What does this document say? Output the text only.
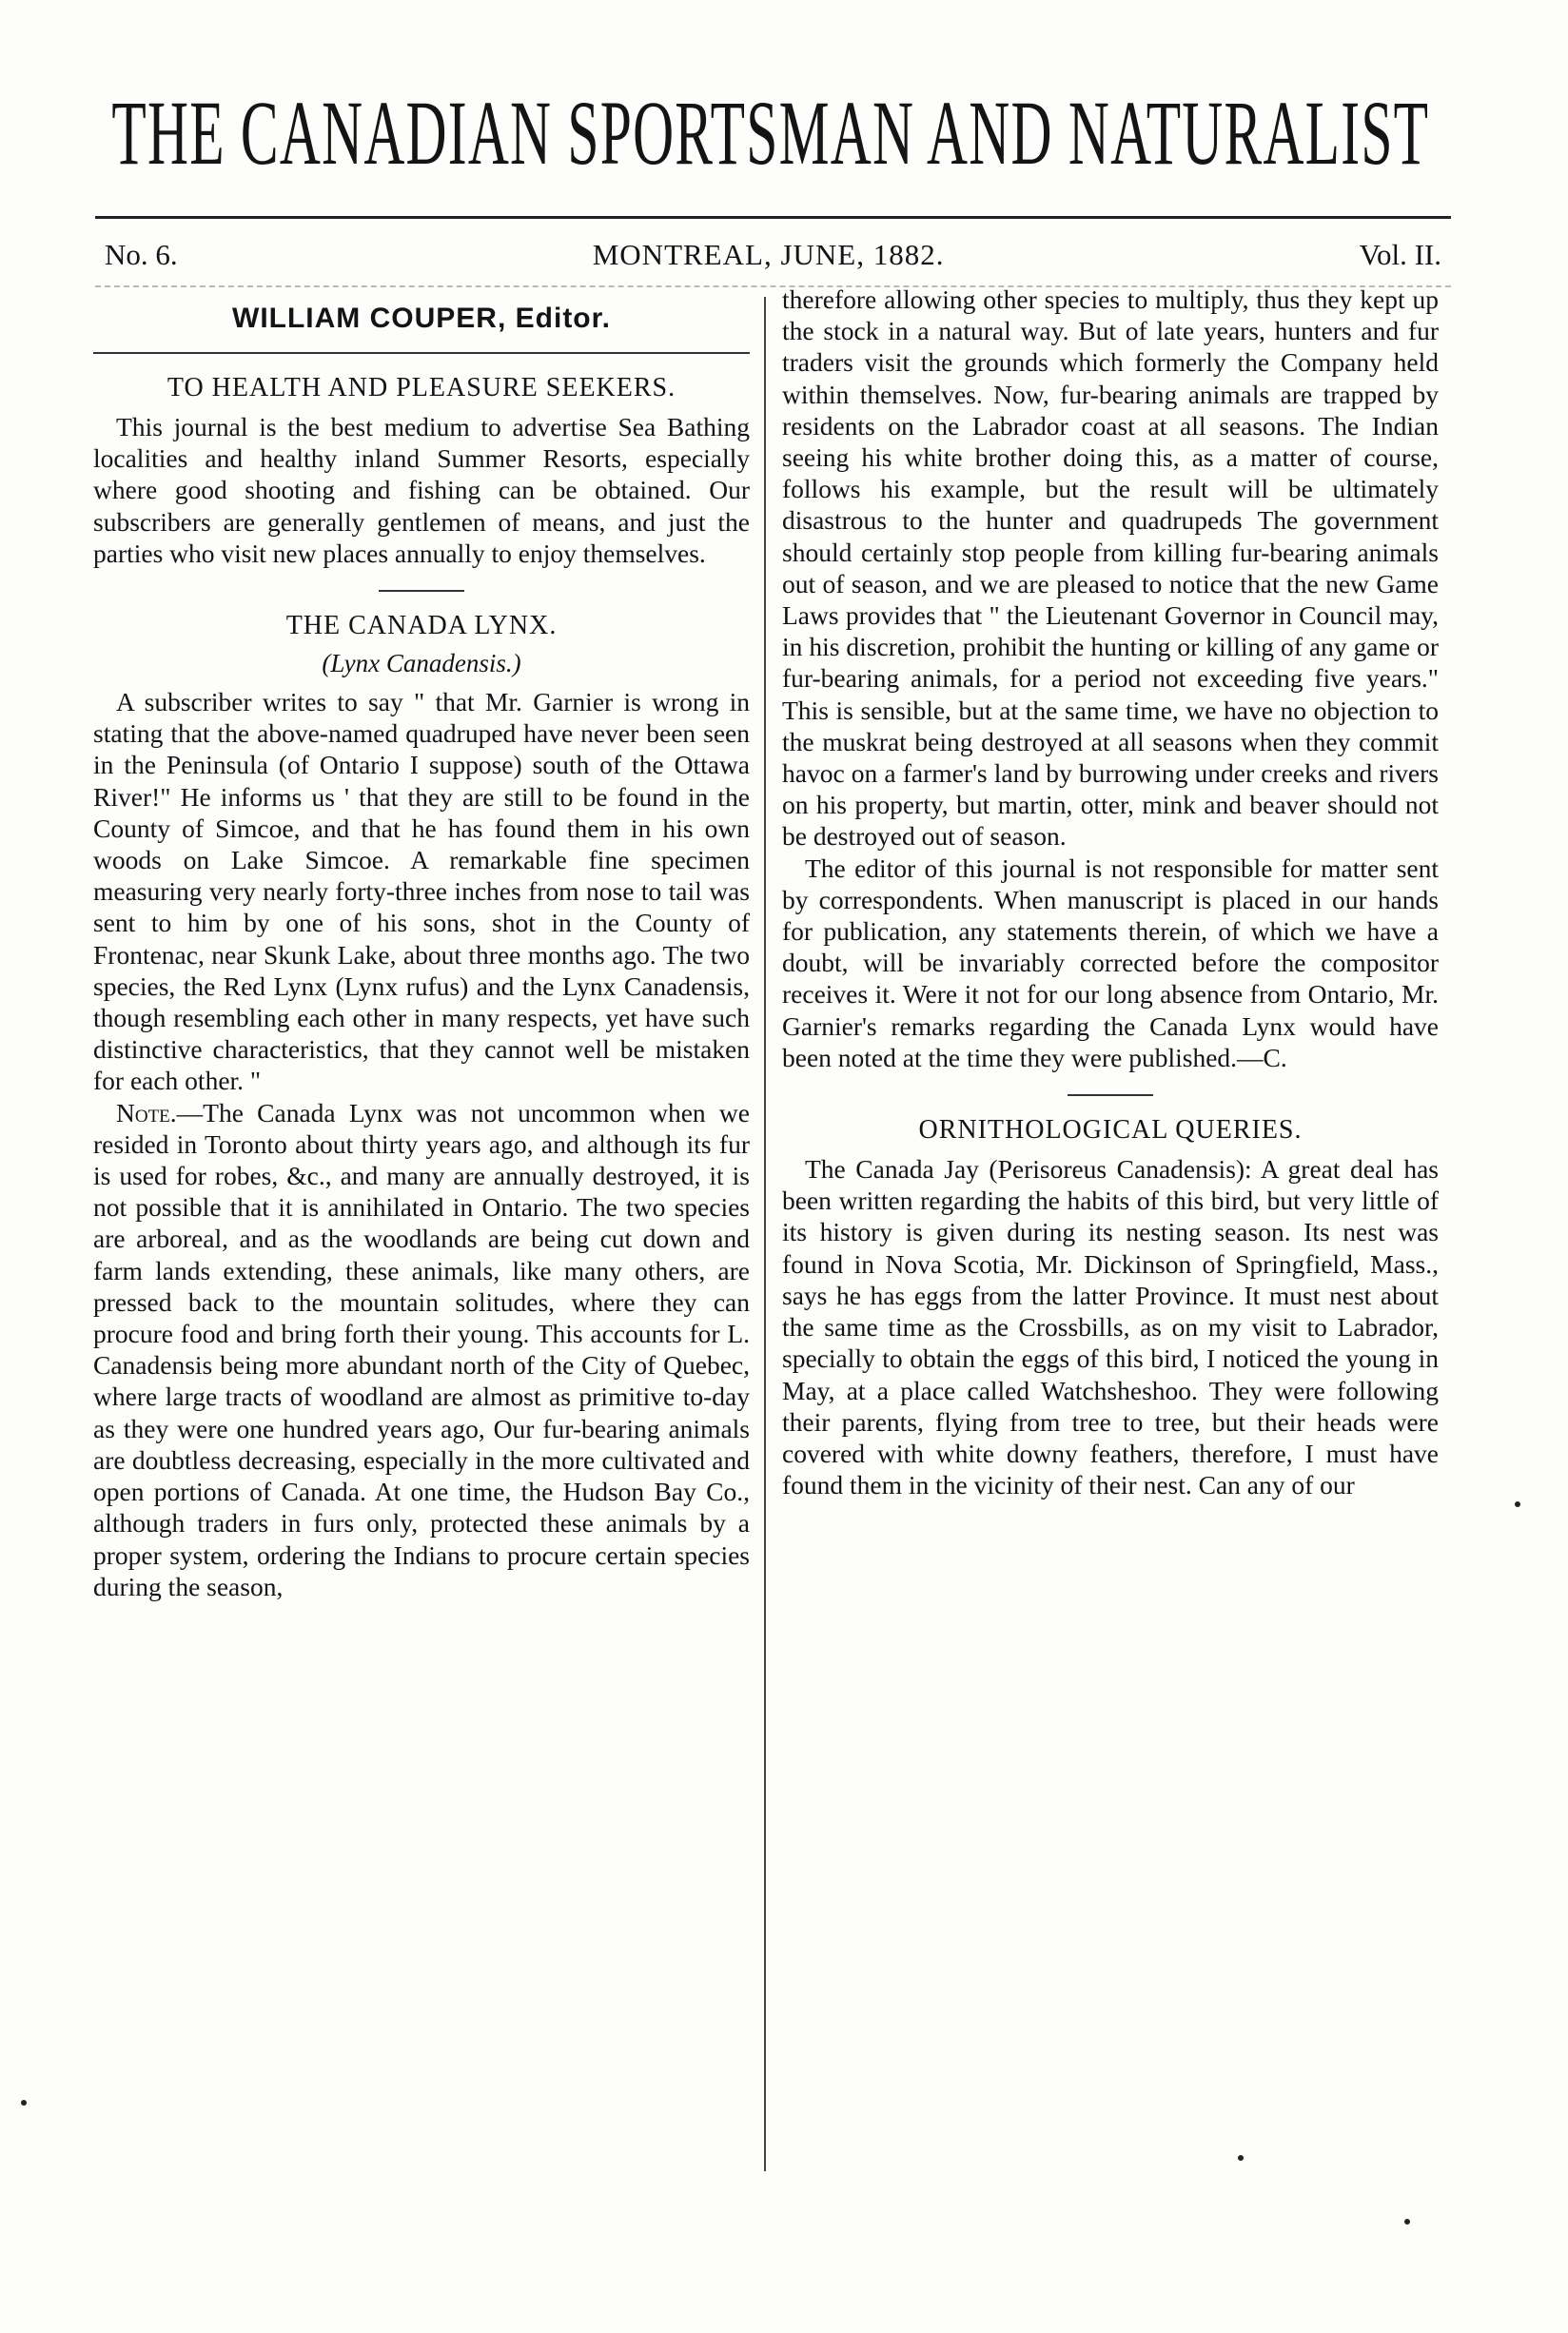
THE CANADIAN SPORTSMAN AND NATURALIST
No. 6.	MONTREAL, JUNE, 1882.	Vol. II.
WILLIAM COUPER, Editor.
TO HEALTH AND PLEASURE SEEKERS.

This journal is the best medium to advertise Sea Bathing localities and healthy inland Summer Resorts, especially where good shooting and fishing can be obtained. Our subscribers are generally gentlemen of means, and just the parties who visit new places annually to enjoy themselves.

THE CANADA LYNX.
(Lynx Canadensis.)

A subscriber writes to say " that Mr. Garnier is wrong in stating that the above-named quadruped have never been seen in the Peninsula (of Ontario I suppose) south of the Ottawa River!" He informs us ' that they are still to be found in the County of Simcoe, and that he has found them in his own woods on Lake Simcoe. A remarkable fine specimen measuring very nearly forty-three inches from nose to tail was sent to him by one of his sons, shot in the County of Frontenac, near Skunk Lake, about three months ago. The two species, the Red Lynx (Lynx rufus) and the Lynx Canadensis, though resembling each other in many respects, yet have such distinctive characteristics, that they cannot well be mistaken for each other. "

Note.—The Canada Lynx was not uncommon when we resided in Toronto about thirty years ago, and although its fur is used for robes, &c., and many are annually destroyed, it is not possible that it is annihilated in Ontario. The two species are arboreal, and as the woodlands are being cut down and farm lands extending, these animals, like many others, are pressed back to the mountain solitudes, where they can procure food and bring forth their young. This accounts for L. Canadensis being more abundant north of the City of Quebec, where large tracts of woodland are almost as primitive to-day as they were one hundred years ago, Our fur-bearing animals are doubtless decreasing, especially in the more cultivated and open portions of Canada. At one time, the Hudson Bay Co., although traders in furs only, protected these animals by a proper system, ordering the Indians to procure certain species during the season,

therefore allowing other species to multiply, thus they kept up the stock in a natural way. But of late years, hunters and fur traders visit the grounds which formerly the Company held within themselves. Now, fur-bearing animals are trapped by residents on the Labrador coast at all seasons. The Indian seeing his white brother doing this, as a matter of course, follows his example, but the result will be ultimately disastrous to the hunter and quadrupeds The government should certainly stop people from killing fur-bearing animals out of season, and we are pleased to notice that the new Game Laws provides that " the Lieutenant Governor in Council may, in his discretion, prohibit the hunting or killing of any game or fur-bearing animals, for a period not exceeding five years." This is sensible, but at the same time, we have no objection to the muskrat being destroyed at all seasons when they commit havoc on a farmer's land by burrowing under creeks and rivers on his property, but martin, otter, mink and beaver should not be destroyed out of season.

The editor of this journal is not responsible for matter sent by correspondents. When manuscript is placed in our hands for publication, any statements therein, of which we have a doubt, will be invariably corrected before the compositor receives it. Were it not for our long absence from Ontario, Mr. Garnier's remarks regarding the Canada Lynx would have been noted at the time they were published.—C.

ORNITHOLOGICAL QUERIES.

The Canada Jay (Perisoreus Canadensis): A great deal has been written regarding the habits of this bird, but very little of its history is given during its nesting season. Its nest was found in Nova Scotia, Mr. Dickinson of Springfield, Mass., says he has eggs from the latter Province. It must nest about the same time as the Crossbills, as on my visit to Labrador, specially to obtain the eggs of this bird, I noticed the young in May, at a place called Watchsheshoo. They were following their parents, flying from tree to tree, but their heads were covered with white downy feathers, therefore, I must have found them in the vicinity of their nest. Can any of our
